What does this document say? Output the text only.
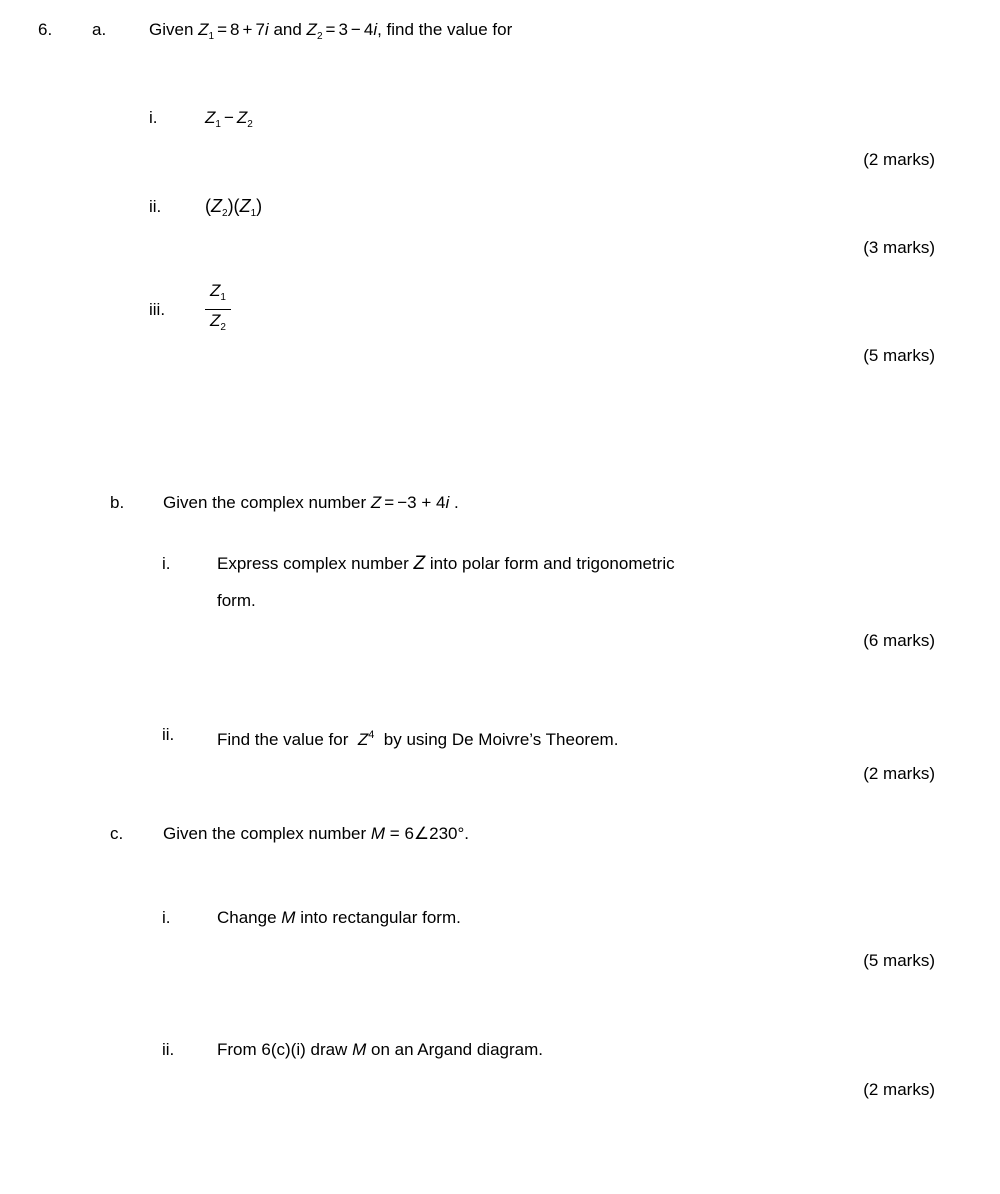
6. a.	Given $Z_1 = 8 + 7i$ and $Z_2 = 3 - 4i$, find the value for
i.	$Z_1 - Z_2$
(2 marks)
ii. $(Z_2)(Z_1)$
(3 marks)
iii.
$Z_1$
$Z_2$
(5 marks)
b. Given the complex number Z = −3 + 4i .
i.	Express complex number Z into polar form and trigonometric
form.
(6 marks)
ii.	Find the value for $Z^4$ by using De Moivre’s Theorem.
(2 marks)
c. Given the complex number M = 6∠230°.
i.	Change M into rectangular form.
(5 marks)
ii.	From 6(c)(i) draw M on an Argand diagram.
(2 marks)
